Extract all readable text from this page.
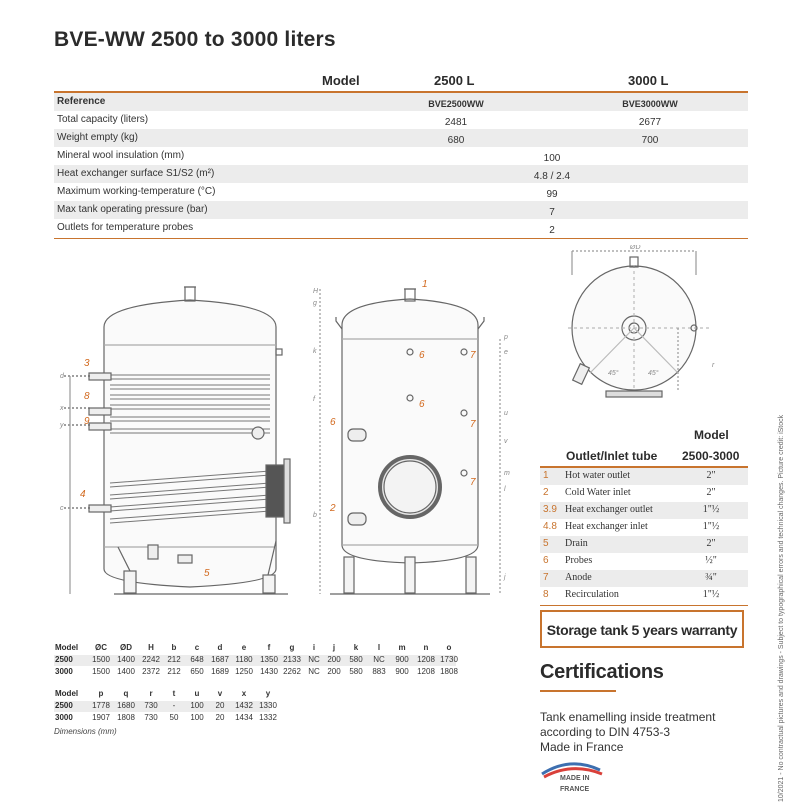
BVE-WW 2500 to 3000 liters
Model	2500 L	3000 L
Reference	BVE2500WW	BVE3000WW
Total capacity (liters)	2481	2677
Weight empty (kg)	680	700
Mineral wool insulation (mm)	100
Heat exchanger surface S1/S2 (m²)	4.8 / 2.4
Maximum working-temperature (°C)	99
Max tank operating pressure (bar)	7
Outlets for temperature probes	2
3
8
9
4
5
1
6
6
7
7
7
6
2
d
x
y
c
H
k
g
f
b
p
e
u
v
m
l
j
ØD
r
45°	45°
Model
Outlet/Inlet tube 2500-3000
1 Hot water outlet	2"
2 Cold Water inlet	2"
3.9 Heat exchanger outlet	1"½
4.8 Heat exchanger inlet	1"½
5 Drain	2"
6 Probes	½"
7 Anode	¾"
8 Recirculation	1"½
Storage tank 5 years warranty
Certifications
Tank enamelling inside treatment
according to DIN 4753-3
Made in France
MADE IN
FRANCE
Model ØC ØD H b c d e	f g i j k l m n o
2500 1500 1400 2242 212 648 1687 1180 1350 2133 NC 200 580 NC 900 1208 1730
3000 1500 1400 2372 212 650 1689 1250 1430 2262 NC 200 580 883 900 1208 1808
Model	p	q	r	t u v x y
2500 1778 1680 730 - 100 20 1432 1330
3000 1907 1808 730 50 100 20 1434 1332
Dimensions (mm)	10/2021 - No contractual pictures and drawings - Subject to typographical errors and technical changes. Picture credit: iStock
